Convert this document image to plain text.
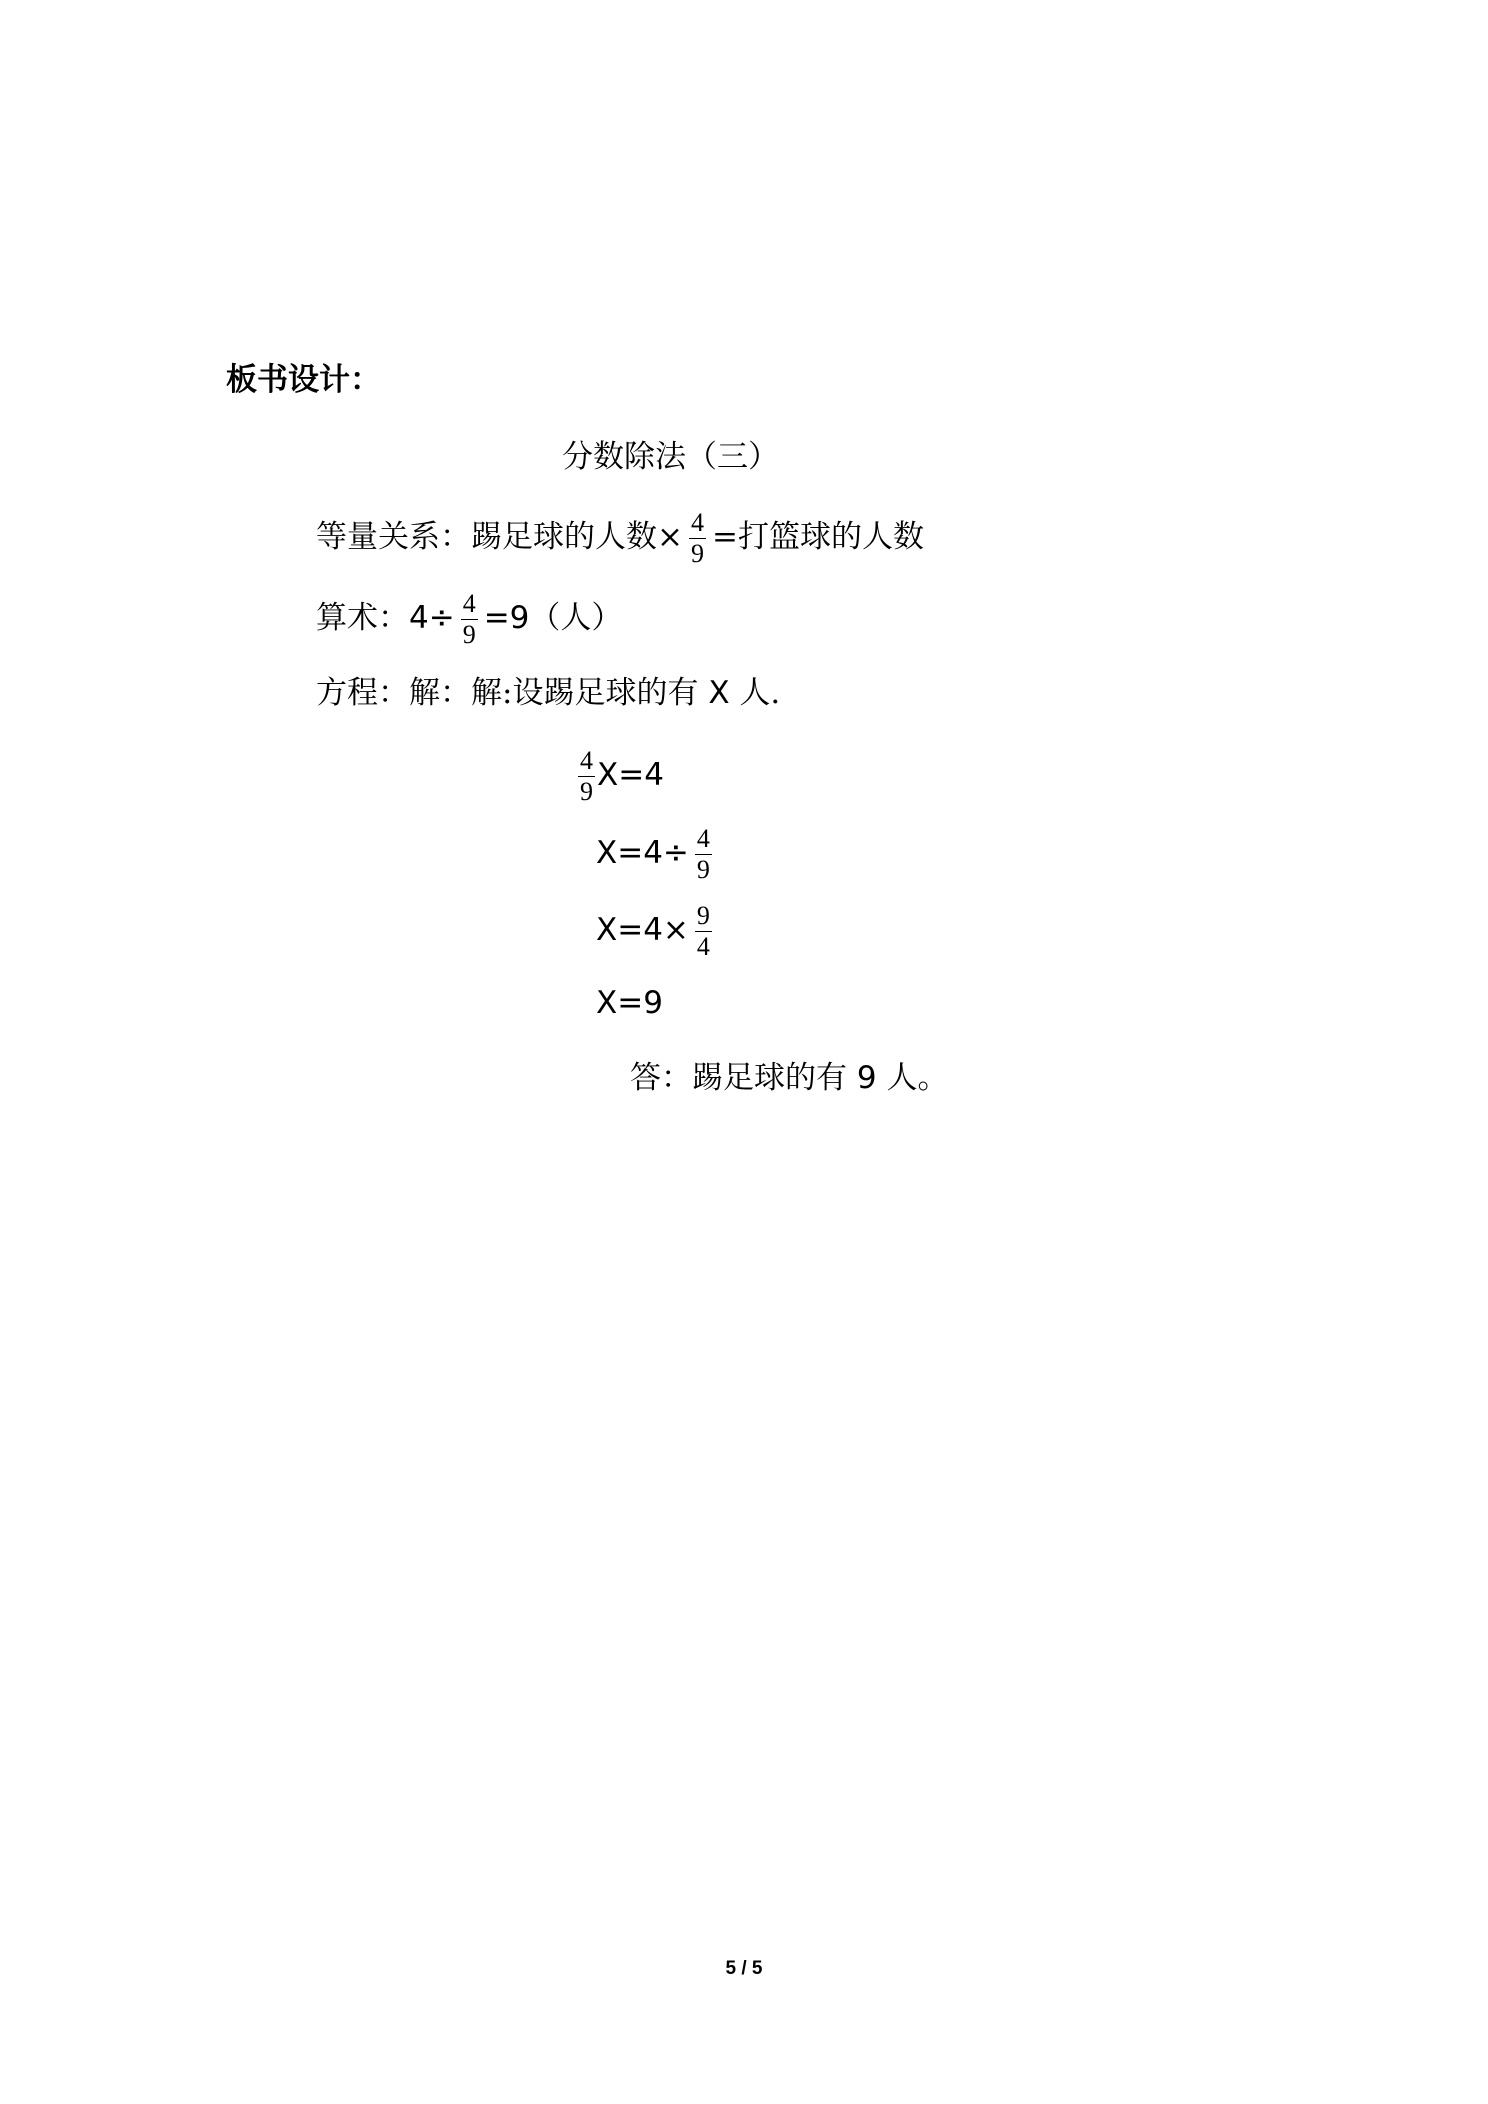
板书设计：
分数除法（三）
等量关系：踢足球的人数× $\frac{4}{9}$ =打篮球的人数
算术：$4\div \frac{4}{9} =9$（人）
方程：解：解:设踢足球的有 X 人.
$\frac{4}{9} X=4$
$X=4\div \frac{4}{9}$
$X=4\times \frac{9}{4}$
X=9
答：踢足球的有 9 人。
5 / 5
